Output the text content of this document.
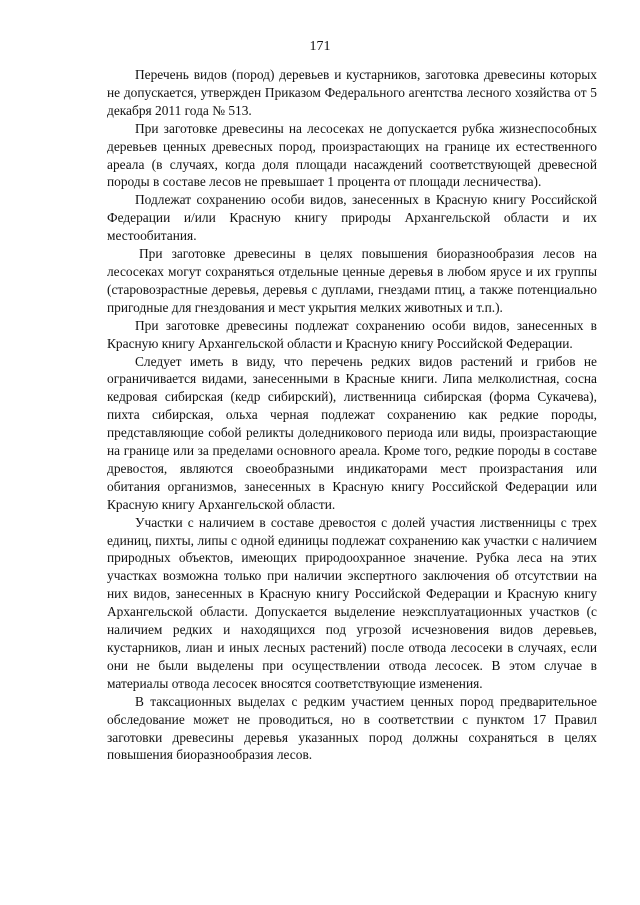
171

Перечень видов (пород) деревьев и кустарников, заготовка древесины которых не допускается, утвержден Приказом Федерального агентства лесного хозяйства от 5 декабря 2011 года № 513.

При заготовке древесины на лесосеках не допускается рубка жизнеспособных деревьев ценных древесных пород, произрастающих на границе их естественного ареала (в случаях, когда доля площади насаждений соответствующей древесной породы в составе лесов не превышает 1 процента от площади лесничества).

Подлежат сохранению особи видов, занесенных в Красную книгу Российской Федерации и/или Красную книгу природы Архангельской области и их местообитания.

При заготовке древесины в целях повышения биоразнообразия лесов на лесосеках могут сохраняться отдельные ценные деревья в любом ярусе и их группы (старовозрастные деревья, деревья с дуплами, гнездами птиц, а также потенциально пригодные для гнездования и мест укрытия мелких животных и т.п.).

При заготовке древесины подлежат сохранению особи видов, занесенных в Красную книгу Архангельской области и Красную книгу Российской Федерации.

Следует иметь в виду, что перечень редких видов растений и грибов не ограничивается видами, занесенными в Красные книги. Липа мелколистная, сосна кедровая сибирская (кедр сибирский), лиственница сибирская (форма Сукачева), пихта сибирская, ольха черная подлежат сохранению как редкие породы, представляющие собой реликты доледникового периода или виды, произрастающие на границе или за пределами основного ареала. Кроме того, редкие породы в составе древостоя, являются своеобразными индикаторами мест произрастания или обитания организмов, занесенных в Красную книгу Российской Федерации или Красную книгу Архангельской области.

Участки с наличием в составе древостоя с долей участия лиственницы с трех единиц, пихты, липы с одной единицы подлежат сохранению как участки с наличием природных объектов, имеющих природоохранное значение. Рубка леса на этих участках возможна только при наличии экспертного заключения об отсутствии на них видов, занесенных в Красную книгу Российской Федерации и Красную книгу Архангельской области. Допускается выделение неэксплуатационных участков (с наличием редких и находящихся под угрозой исчезновения видов деревьев, кустарников, лиан и иных лесных растений) после отвода лесосеки в случаях, если они не были выделены при осуществлении отвода лесосек. В этом случае в материалы отвода лесосек вносятся соответствующие изменения.

В таксационных выделах с редким участием ценных пород предварительное обследование может не проводиться, но в соответствии с пунктом 17 Правил заготовки древесины деревья указанных пород должны сохраняться в целях повышения биоразнообразия лесов.
